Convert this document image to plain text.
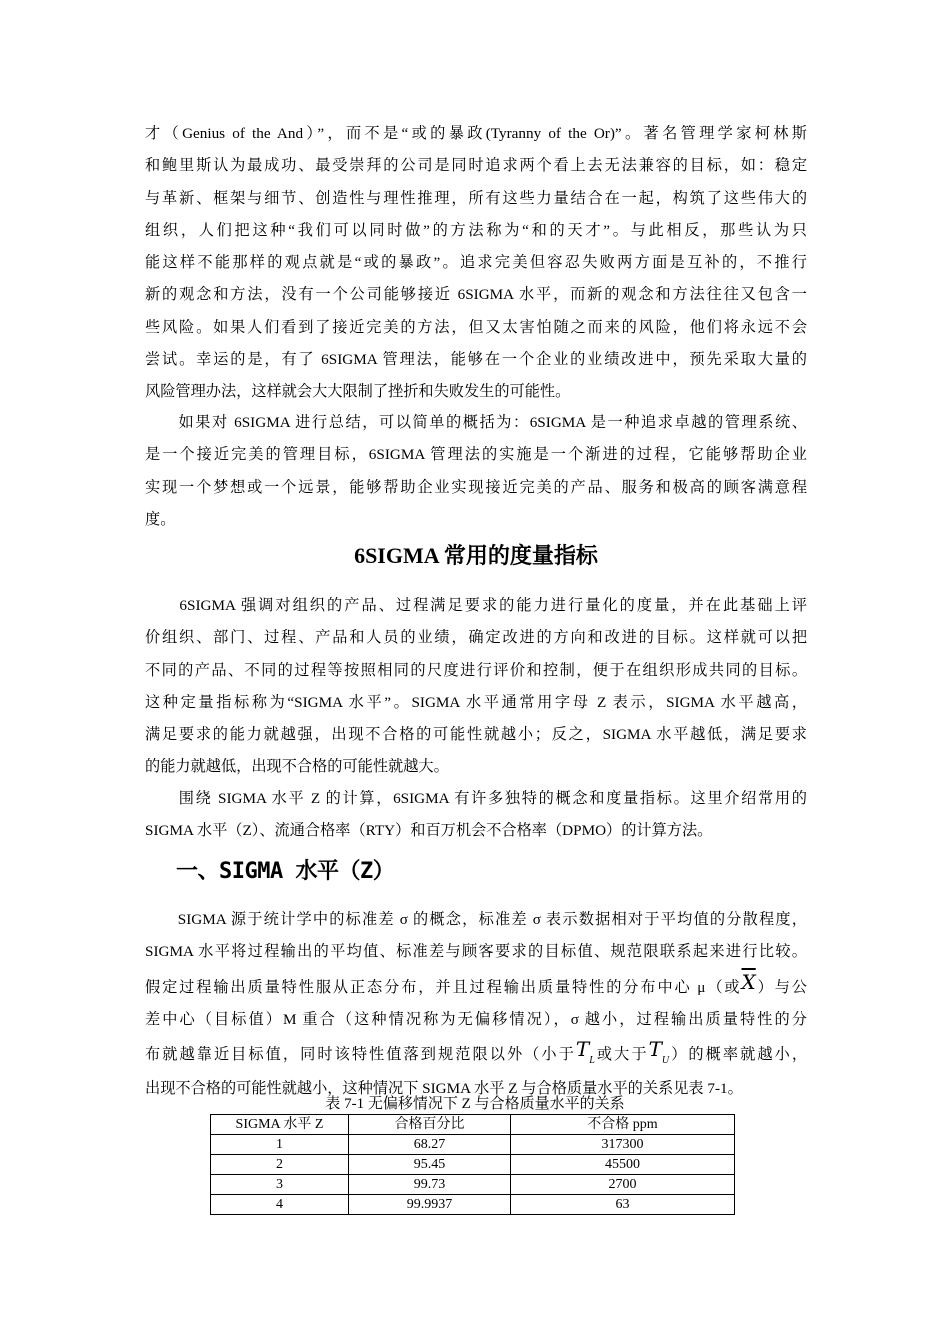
才（Genius of the And）”，而不是“或的暴政(Tyranny of the Or)”。著名管理学家柯林斯
和鲍里斯认为最成功、最受崇拜的公司是同时追求两个看上去无法兼容的目标，如：稳定
与革新、框架与细节、创造性与理性推理，所有这些力量结合在一起，构筑了这些伟大的
组织，人们把这种“我们可以同时做”的方法称为“和的天才”。与此相反，那些认为只
能这样不能那样的观点就是“或的暴政”。追求完美但容忍失败两方面是互补的，不推行
新的观念和方法，没有一个公司能够接近 6SIGMA 水平，而新的观念和方法往往又包含一
些风险。如果人们看到了接近完美的方法，但又太害怕随之而来的风险，他们将永远不会
尝试。幸运的是，有了 6SIGMA 管理法，能够在一个企业的业绩改进中，预先采取大量的
风险管理办法，这样就会大大限制了挫折和失败发生的可能性。
　　如果对 6SIGMA 进行总结，可以简单的概括为：6SIGMA 是一种追求卓越的管理系统、
是一个接近完美的管理目标，6SIGMA 管理法的实施是一个渐进的过程，它能够帮助企业
实现一个梦想或一个远景，能够帮助企业实现接近完美的产品、服务和极高的顾客满意程
度。
6SIGMA 常用的度量指标
　　6SIGMA 强调对组织的产品、过程满足要求的能力进行量化的度量，并在此基础上评
价组织、部门、过程、产品和人员的业绩，确定改进的方向和改进的目标。这样就可以把
不同的产品、不同的过程等按照相同的尺度进行评价和控制，便于在组织形成共同的目标。
这种定量指标称为“SIGMA 水平”。SIGMA 水平通常用字母 Z 表示，SIGMA 水平越高，
满足要求的能力就越强，出现不合格的可能性就越小；反之，SIGMA 水平越低，满足要求
的能力就越低，出现不合格的可能性就越大。
　　围绕 SIGMA 水平 Z 的计算，6SIGMA 有许多独特的概念和度量指标。这里介绍常用的
SIGMA 水平（Z）、流通合格率（RTY）和百万机会不合格率（DPMO）的计算方法。
一、SIGMA 水平（Z）
　　SIGMA 源于统计学中的标准差 σ 的概念，标准差 σ 表示数据相对于平均值的分散程度，
SIGMA 水平将过程输出的平均值、标准差与顾客要求的目标值、规范限联系起来进行比较。
假定过程输出质量特性服从正态分布，并且过程输出质量特性的分布中心 μ（或$\overline{X}$）与公
差中心（目标值）M 重合（这种情况称为无偏移情况），σ 越小，过程输出质量特性的分
布就越靠近目标值，同时该特性值落到规范限以外（小于$T_L$或大于$T_U$）的概率就越小，
出现不合格的可能性就越小，这种情况下 SIGMA 水平 Z 与合格质量水平的关系见表 7-1。
表 7-1 无偏移情况下 Z 与合格质量水平的关系
SIGMA 水平 Z	合格百分比	不合格 ppm
1	68.27	317300
2	95.45	45500
3	99.73	2700
4	99.9937	63
